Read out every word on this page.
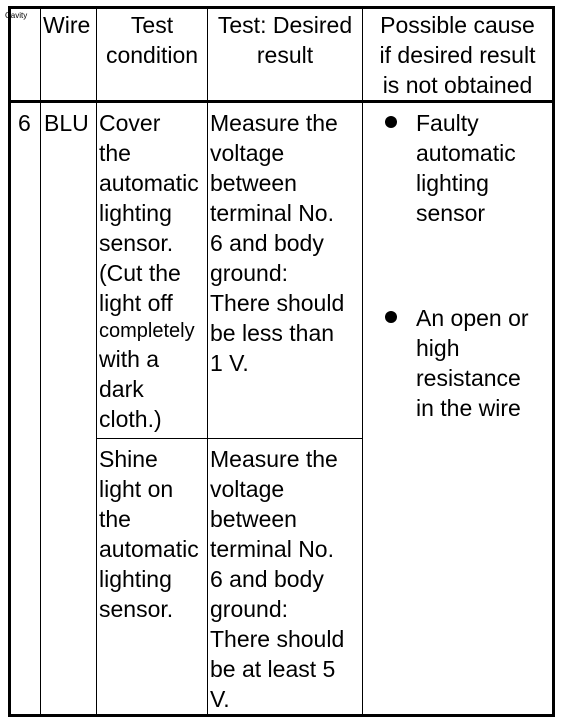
Cavity Wire	Test
condition
Test: Desired
result
Possible cause
if desired result
is not obtained
6 BLU Cover
the
automatic
lighting
sensor.
(Cut the
light off
completely
with a
dark
cloth.)
Measure the
voltage
between
terminal No.
6 and body
ground:
There should
be less than
1 V.
Shine
light on
the
automatic
lighting
sensor.
Measure the
voltage
between
terminal No.
6 and body
ground:
There should
be at least 5
V.
Faulty
automatic
lighting
sensor
An open or
high
resistance
in the wire
